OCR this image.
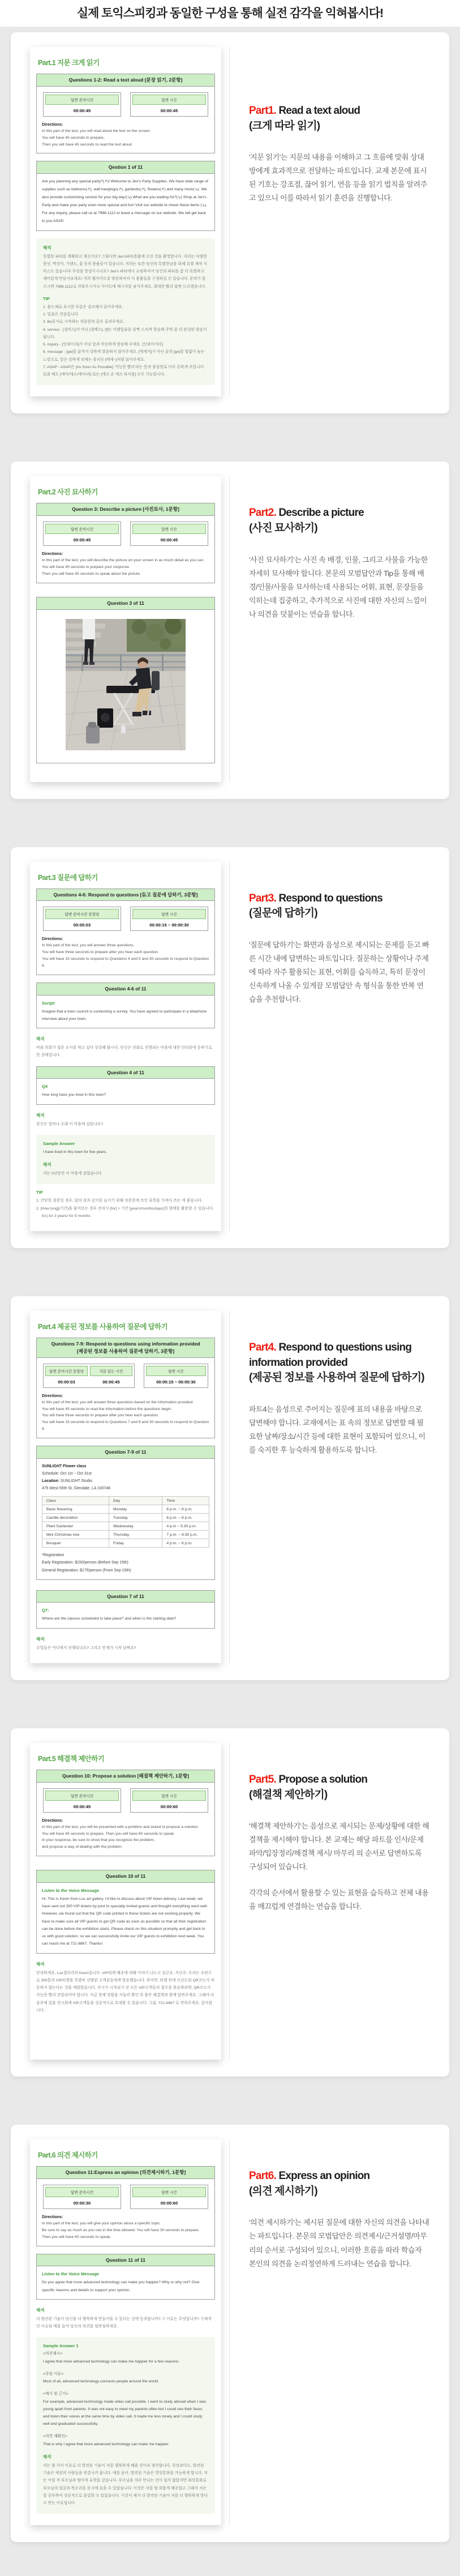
실제 토익스피킹과 동일한 구성을 통해 실전 감각을 익혀봅시다!
Part.1 지문 크게 읽기
Questions 1-2: Read a text aloud [문장 읽기, 2문항]
답변 준비시간
00:00:45
답변 시간
00:00:45
Directions:
In this part of the test, you will read aloud the text on the screen.
You will have 45 seconds to prepare.
Then you will have 45 seconds to read the text aloud.
Qestion 1 of 11
Are you planning any special party?(↗)/ Welcome to Jen's Party Supplies. We have wide range of supplies such as balloons(↗), wall hangings(↗), garlands(↗), flowers(↗) and many more(↘). We also provide customizing service for your big day!(↘) What are you waiting for?(↘) Shop at Jen's Party and make your party even more special and fun! Visit our website to check these items (↘). For any inquiry, please call us at 7986.1112 or leave a message on our website. We will get back to you ASAP.
해석
특별한 파티를 계획하고 계신가요? 그렇다면 Jen's파티용품에 오신 것을 환영합니다. 저희는 다양한 풍선, 벽장식, 가랜드, 꽃 등의 용품들이 있습니다. 저희는 또한 당신의 특별한날을 위해 특별 제작 서비스도 있습니다! 무엇을 망설이시나요? Jen's 파티에서 쇼핑하셔서 당신의 파티를 좀 더 특별하고 재미있게 만들어보세요! 저희 웹사이트를 방문하셔서 이 용품들을 구경하실 수 있습니다. 문의가 있으시면 7986.1112로 전화주시거나 사이트에 메시지를 남겨주세요. 최대한 빨리 답변 드리겠습니다.
TIP
1. 볼드체로 표시한 부분은 강조해서 읽어주세요.
2. 밑줄은 연음입니다
3. Be동사로 시작하는 의문문의 끝은 올려주세요.
4. service - [설비스]가 아닌 [셜베스], [f]는 아랫입술을 살짝 스치며 발음해 주면 좀 더 완성된 발음이 됩니다.
5. inquiry - [인콰이리]가 아닌 앞과 비슷하게 발음해 주세요. [인콰이어리]
6. message - [ge]를 끝까지 강하게 발음하지 않아주세요. [메세지]가 아닌 끝의 [ge]를 힘없이 놓는 느낌으로, 앞은 강하게 뒤에는 흘리듯 [메세~]처럼 읽어주세요.
7. ASAP - ASAP은 [As Soon As Possible] '가능한 빨리'라는 뜻의 줄임말로 아주 흔하게 쓰입니다. 읽을 때도 [에이/에스/에이/피] 또는 [에즈 순 애즈 파서블] 모두 가능합니다.
Part1. Read a text aloud
(크게 따라 읽기)

'지문 읽기'는 지문의 내용을 이해하고 그 흐름에 맞춰 상대방에게 효과적으로 전달하는 파트입니다. 교재 본문에 표시된 기호는 강조점, 끊어 읽기, 연음 등을 읽기 법칙을 알려주고 있으니 이를 따라서 읽기 훈련을 진행합니다.

Part.2 사진 묘사하기
Question 3: Describe a picture [사진묘사, 1문항]
답변 준비시간
00:00:45
답변 시간
00:00:45
Directions:
In this part of the test, you will describe the picture on your screen in as much detail as you can.
You will have 45 seconds to prepare your response.
Then you will have 45 seconds to speak about the picture.
Question 3 of 11
Part2. Describe a picture
(사진 묘사하기)

'사진 묘사하기'는 사진 속 배경, 인물, 그리고 사물을 가능한 자세히 묘사해야 합니다. 본문의 모범답안과 Tip을 통해 배경/인물/사물을 묘사하는데 사용되는 어휘, 표현, 문장들을 익히는데 집중하고, 추가적으로 사진에 대한 자신의 느낌이나 의견을 덧붙이는 연습을 합니다.

Part.3 질문에 답하기
Questions 4-6: Respond to questions [듣고 질문에 답하기, 3문항]
답변 준비시간 문항당
00:00:03
답변 시간
00:00:15 ~ 00:00:30
Directions:
In this part of the test, you will answer three questions.
You will have three seconds to prepare after you hear each question.
You will have 15 seconds to respond to Questions 4 and 5 and 30 seconds to respond to Question 6.
Question 4-6 of 11
Script:
Imagine that a town council is conducting a survey. You have agreed to participate in a telephone interview about your town.
해석
마을 의회가 설문 조사를 하고 있다 상상해 봅시다. 당신은 전화로 진행되는 마을에 대한 인터뷰에 응하기로 한 상태입니다.
Question 4 of 11
Q4
How long have you lived in this town?
해석
당신은 얼마나 오래 이 마을에 살았나요?
Sample Answer
I have lived in this town for five years.
해석
저는 5년동안 이 마을에 살았습니다.
TIP
1. 간단한 질문일 경우, 답의 질과 깊이를 높이기 위해 의문문에 쓰인 표현을 가져다 쓰는 게 좋습니다.
2. [How long](기간)을 물어보는 경우 전치사 [for] + 기간 [years/months/days]의 형태를 활용할 수 있습니다.
Ex) for 3 years/ for 9 months
Part3. Respond to questions
(질문에 답하기)

'질문에 답하기'는 화면과 음성으로 제시되는 문제를 듣고 빠른 시간 내에 답변하는 파트입니다. 질문하는 상황이나 주제에 따라 자주 활용되는 표현, 어휘를 습득하고, 특히 문장이 신속하게 나올 수 있게끔 모범답안 속 형식을 통한 반복 연습을 추천합니다.

Part.4 제공된 정보를 사용하여 질문에 답하기
Questions 7-9: Respond to questions using information provided
[제공된 정보를 사용하여 질문에 답하기, 3문항]
답변 준비시간 문항당
00:00:03
지문 읽는 시간
00:00:45
답변 시간
00:00:15 ~ 00:00:30
Directions:
In this part of the test, you will answer three questions based on the information provided.
You will have 45 seconds to read the information before the questions begin.
You will have three seconds to prepare after you hear each question.
You will have 15 seconds to respond to Questions 7 and 8 and 30 seconds to respond to Question 9.
Question 7-9 of 11
SUNLIGHT Flower class
Schedule: Oct 1st ~ Oct 31st
Location: SUNLIGHT Studio
475 West 55th St, Glendale, LA 100748
Class	Day	Time
Basic flowering	Monday	6 p.m. ~ 8 p.m.
Candle decoration	Tuesday	6 p.m. ~ 8 p.m.
Plant Garlander	Wednesday	4 p.m ~ 5:30 p.m.
Mini Christmas tree	Thursday	7 p.m. ~ 8:30 p.m.
Bouquet	Friday	4 p.m. ~ 6 p.m.
*Registration
Early Registration: $150/person (Before Sep 15th)
General Registration: $175/person (From Sep 15th)
Question 7 of 11
Q7:
Where are the classes scheduled to take place? and when is the starting date?
해석
수업들은 어디에서 진행되나요? 그리고 언제가 시작 날짜죠?
Part4. Respond to questions using information provided
(제공된 정보를 사용하여 질문에 답하기)

파트4는 음성으로 주어지는 질문에 표의 내용을 바탕으로 답변해야 합니다. 교재에서는 표 속의 정보로 답변할 때 필요한 날짜/장소/시간 등에 대한 표현이 포함되어 있으니, 이를 숙지한 후 능숙하게 활용하도록 합니다.

Part.5 해결책 제안하기
Question 10: Propose a solution [해결책 제안하기, 1문항]
답변 준비시간
00:00:45
답변 시간
00:00:60
Directions:
In this part of the test, you will be presented with a problem and asked to propose a solution.
You will have 45 seconds to prepare. Then you will have 60 seconds to speak.
In your response, be sure to show that you recognize the problem,
and propose a way of dealing with the problem.
Question 10 of 11
Listen to the Voice Message
Hi, This is Kevin from Lux art gallery. I'd like to discuss about VIP ticket delivery. Last week, we have sent out 300 VIP tickets by post to specially invited guests and thought everything went well. However, we found out that the QR code printed in these tickets are not working properly. We have to make sure all VIP guests to get QR code as soon as possible so that all their registration can be done before the exhibition starts. Please check on this situation promptly and get back to us with good solution, so we can successfully invite our VIP guests to exhibition next week. You can reach me at 721-8867. Thanks!
해석
안녕하세요, Lux갤러리의 Kevin입니다. VIP티켓 배송에 대해 이야기 나누고 싶군요. 지난주, 우리는 우편으로 300통의 VIP티켓을 특별히 선별된 고객분들에게 발송했습니다. 하지만, 티켓 안에 프린트된 QR코드가 작동하지 않는다는 것을 깨달았습니다. 전시가 시작되기 전 모든 VIP고객들의 접수를 완료하려면, QR코드가 가능한 빨리 전달되어야 합니다. 지금 현재 상황을 서둘러 확인 후 좋은 해결책과 함께 답변주세요. 그래야 다음주에 있을 전시회에 VIP고객들을 성공적으로 초대할 수 있습니다. 그럼, 721-8867 로 연락주세요. 감사합니다.
Part5. Propose a solution
(해결책 제안하기)

'해결책 제안하기'는 음성으로 제시되는 문제/상황에 대한 해결책을 제시해야 합니다. 본 교재는 해당 파트를 인사/문제파악/입장정리/해결책 제시/ 마무리 의 순서로 답변하도록 구성되어 있습니다.

각각의 순서에서 활용할 수 있는 표현을 습득하고 전체 내용을 매끄럽게 연결하는 연습을 합니다.

Part.6 의견 제시하기
Question 11:Express an opinion [의견제시하기, 1문항]
답변 준비시간
00:00:30
답변 시간
00:00:60
Directions:
In this part of the test, you will give your opinion about a specific topic.
Be sure to say as much as you can in the time allowed. You will have 30 seconds to prepare.
Then you will have 60 seconds to speak.
Question 11 of 11
Listen to the Voice Message
Do you agree that more advanced technology can make you happier? Why or why not? Give specific reasons and details to support your opinion.
해석
더 발전된 기술이 당신을 더 행복하게 만들어줄 수 있다는 것에 동의합니까? 그 이유는 무엇입니까? 구체적인 이유와 예를 들어 당신의 의견을 뒷받침하세요.
Sample Answer 1
<의견제시>
I agree that more advanced technology can make me happier for a few reasons.
<주된 이유>
Most of all, advanced technology connects people around the world.
<예시 및 근거>
For example, advanced technology made video call possible. I went to study abroad when I was young apart from parents. It was not easy to meet my parents often but I could see their faces and listen their voices at the same time by video call. It made me less lonely and I could study well and graduated successfully.
<의견 재확인>
That is why I agree that more advanced technology can make me happier.
해석
저는 몇 가지 이유로 더 발전된 기술이 저를 행복하게 해줄 것이라 생각합니다. 무엇보다도, 발전된 기술은 세상의 사람들을 연결시켜 줍니다. 예를 들어, 발전된 기술은 영상통화를 가능하게 합니다. 저는 어릴 적 부모님과 떨어져 유학을 갔습니다. 부모님을 자주 만나는 것이 쉽지 않았지만 화상통화로 부모님의 얼굴과 목소리를 동시에 들을 수 있었습니다. 이것은 저를 덜 외롭게 해주었고 그래서 저는 잘 공부하여 성공적으로 졸업할 수 있었습니다. 이것이 제가 더 발전된 기술이 저를 더 행복하게 한다고 믿는 이유입니다.
Part6. Express an opinion
(의견 제시하기)

'의견 제시하기'는 제시된 질문에 대한 자신의 의견을 나타내는 파트입니다. 본문의 모범답안은 의견제시/근거설명/마무리의 순서로 구성되어 있으니, 이러한 흐름을 따라 학습자 본인의 의견을 논리정연하게 드러내는 연습을 합니다.
